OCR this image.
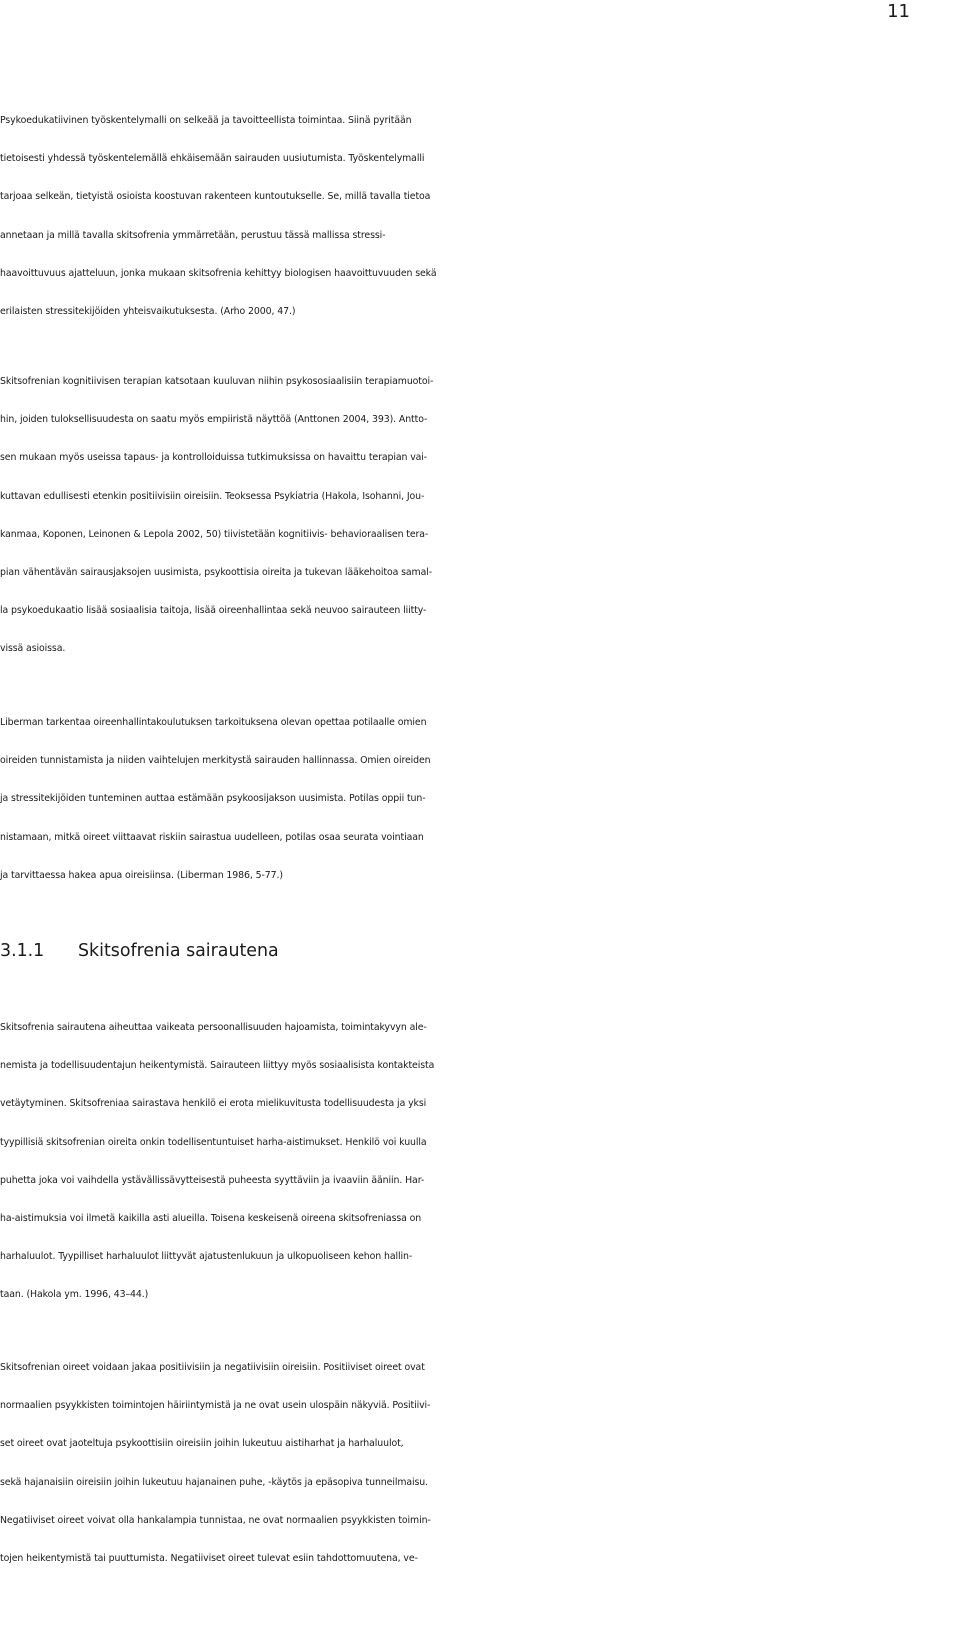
11
Psykoedukatiivinen työskentelymalli on selkeää ja tavoitteellista toimintaa. Siinä pyritään
tietoisesti yhdessä työskentelemällä ehkäisemään sairauden uusiutumista. Työskentelymalli
tarjoaa selkeän, tietyistä osioista koostuvan rakenteen kuntoutukselle. Se, millä tavalla tietoa
annetaan ja millä tavalla skitsofrenia ymmärretään, perustuu tässä mallissa stressi-
haavoittuvuus ajatteluun, jonka mukaan skitsofrenia kehittyy biologisen haavoittuvuuden sekä
erilaisten stressitekijöiden yhteisvaikutuksesta. (Arho 2000, 47.)
Skitsofrenian kognitiivisen terapian katsotaan kuuluvan niihin psykososiaalisiin terapiamuotoi-
hin, joiden tuloksellisuudesta on saatu myös empiiristä näyttöä (Anttonen 2004, 393). Antto-
sen mukaan myös useissa tapaus- ja kontrolloiduissa tutkimuksissa on havaittu terapian vai-
kuttavan edullisesti etenkin positiivisiin oireisiin. Teoksessa Psykiatria (Hakola, Isohanni, Jou-
kanmaa, Koponen, Leinonen & Lepola 2002, 50) tiivistetään kognitiivis- behavioraalisen tera-
pian vähentävän sairausjaksojen uusimista, psykoottisia oireita ja tukevan lääkehoitoa samal-
la psykoedukaatio lisää sosiaalisia taitoja, lisää oireenhallintaa sekä neuvoo sairauteen liitty-
vissä asioissa.
Liberman tarkentaa oireenhallintakoulutuksen tarkoituksena olevan opettaa potilaalle omien
oireiden tunnistamista ja niiden vaihtelujen merkitystä sairauden hallinnassa. Omien oireiden
ja stressitekijöiden tunteminen auttaa estämään psykoosijakson uusimista. Potilas oppii tun-
nistamaan, mitkä oireet viittaavat riskiin sairastua uudelleen, potilas osaa seurata vointiaan
ja tarvittaessa hakea apua oireisiinsa. (Liberman 1986, 5-77.)
3.1.1 Skitsofrenia sairautena
Skitsofrenia sairautena aiheuttaa vaikeata persoonallisuuden hajoamista, toimintakyvyn ale-
nemista ja todellisuudentajun heikentymistä. Sairauteen liittyy myös sosiaalisista kontakteista
vetäytyminen. Skitsofreniaa sairastava henkilö ei erota mielikuvitusta todellisuudesta ja yksi
tyypillisiä skitsofrenian oireita onkin todellisentuntuiset harha-aistimukset. Henkilö voi kuulla
puhetta joka voi vaihdella ystävällissävytteisestä puheesta syyttäviin ja ivaaviin ääniin. Har-
ha-aistimuksia voi ilmetä kaikilla asti alueilla. Toisena keskeisenä oireena skitsofreniassa on
harhaluulot. Tyypilliset harhaluulot liittyvät ajatustenlukuun ja ulkopuoliseen kehon hallin-
taan. (Hakola ym. 1996, 43–44.)
Skitsofrenian oireet voidaan jakaa positiivisiin ja negatiivisiin oireisiin. Positiiviset oireet ovat
normaalien psyykkisten toimintojen häiriintymistä ja ne ovat usein ulospäin näkyviä. Positiivi-
set oireet ovat jaoteltuja psykoottisiin oireisiin joihin lukeutuu aistiharhat ja harhaluulot,
sekä hajanaisiin oireisiin joihin lukeutuu hajanainen puhe, -käytös ja epäsopiva tunneilmaisu.
Negatiiviset oireet voivat olla hankalampia tunnistaa, ne ovat normaalien psyykkisten toimin-
tojen heikentymistä tai puuttumista. Negatiiviset oireet tulevat esiin tahdottomuutena, ve-
